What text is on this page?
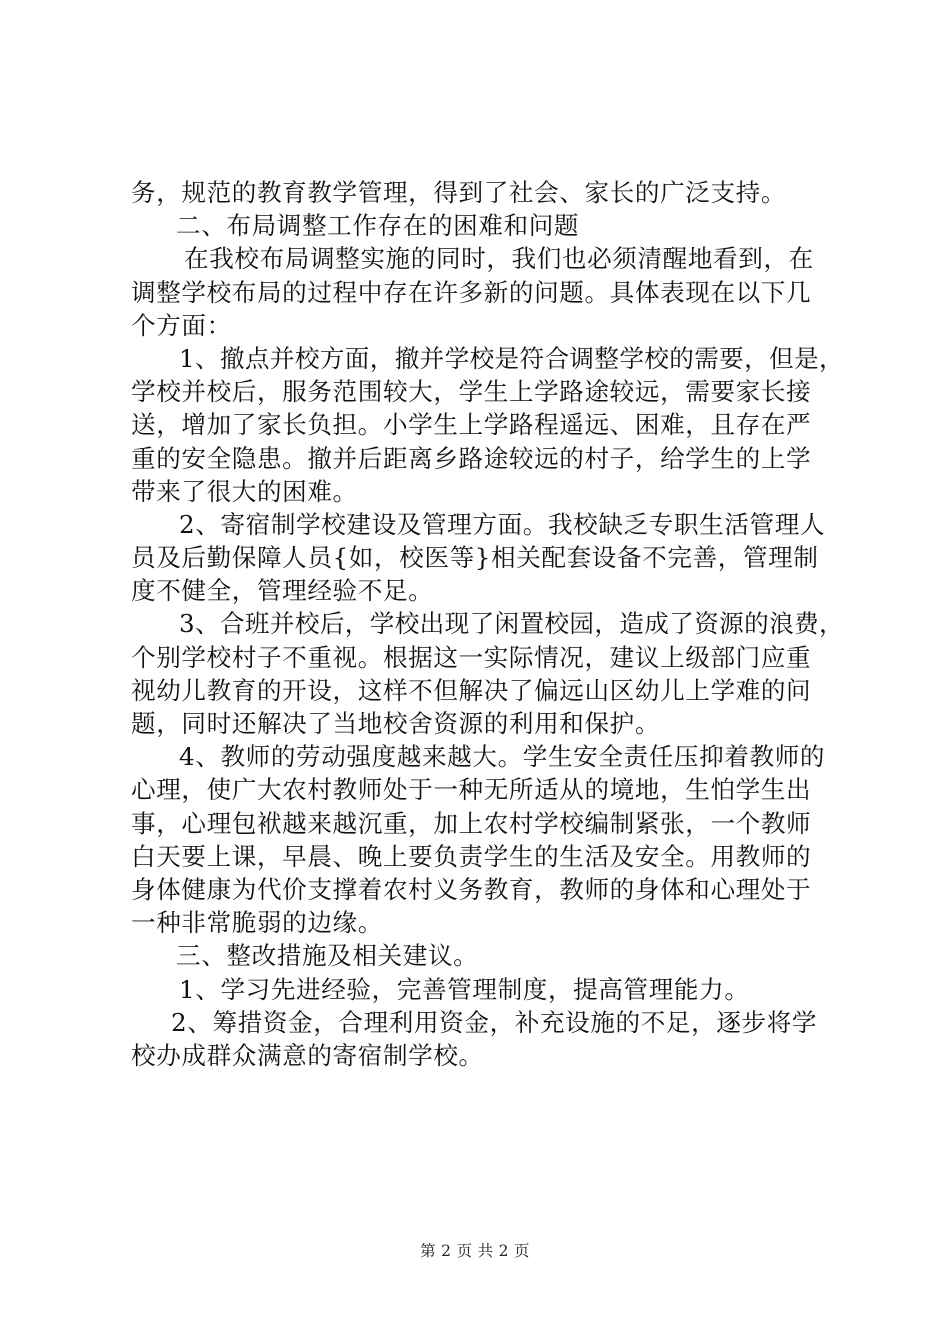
务，规范的教育教学管理，得到了社会、家长的广泛支持。
二、布局调整工作存在的困难和问题
在我校布局调整实施的同时，我们也必须清醒地看到，在
调整学校布局的过程中存在许多新的问题。具体表现在以下几
个方面：
1、撤点并校方面，撤并学校是符合调整学校的需要，但是，
学校并校后，服务范围较大，学生上学路途较远，需要家长接
送，增加了家长负担。小学生上学路程遥远、困难，且存在严
重的安全隐患。撤并后距离乡路途较远的村子，给学生的上学
带来了很大的困难。
2、寄宿制学校建设及管理方面。我校缺乏专职生活管理人
员及后勤保障人员{如，校医等}相关配套设备不完善，管理制
度不健全，管理经验不足。
3、合班并校后，学校出现了闲置校园，造成了资源的浪费，
个别学校村子不重视。根据这一实际情况，建议上级部门应重
视幼儿教育的开设，这样不但解决了偏远山区幼儿上学难的问
题，同时还解决了当地校舍资源的利用和保护。
4、教师的劳动强度越来越大。学生安全责任压抑着教师的
心理，使广大农村教师处于一种无所适从的境地，生怕学生出
事，心理包袱越来越沉重，加上农村学校编制紧张，一个教师
白天要上课，早晨、晚上要负责学生的生活及安全。用教师的
身体健康为代价支撑着农村义务教育，教师的身体和心理处于
一种非常脆弱的边缘。
三、整改措施及相关建议。
1、学习先进经验，完善管理制度，提高管理能力。
2、筹措资金，合理利用资金，补充设施的不足，逐步将学
校办成群众满意的寄宿制学校。
第 2 页 共 2 页
